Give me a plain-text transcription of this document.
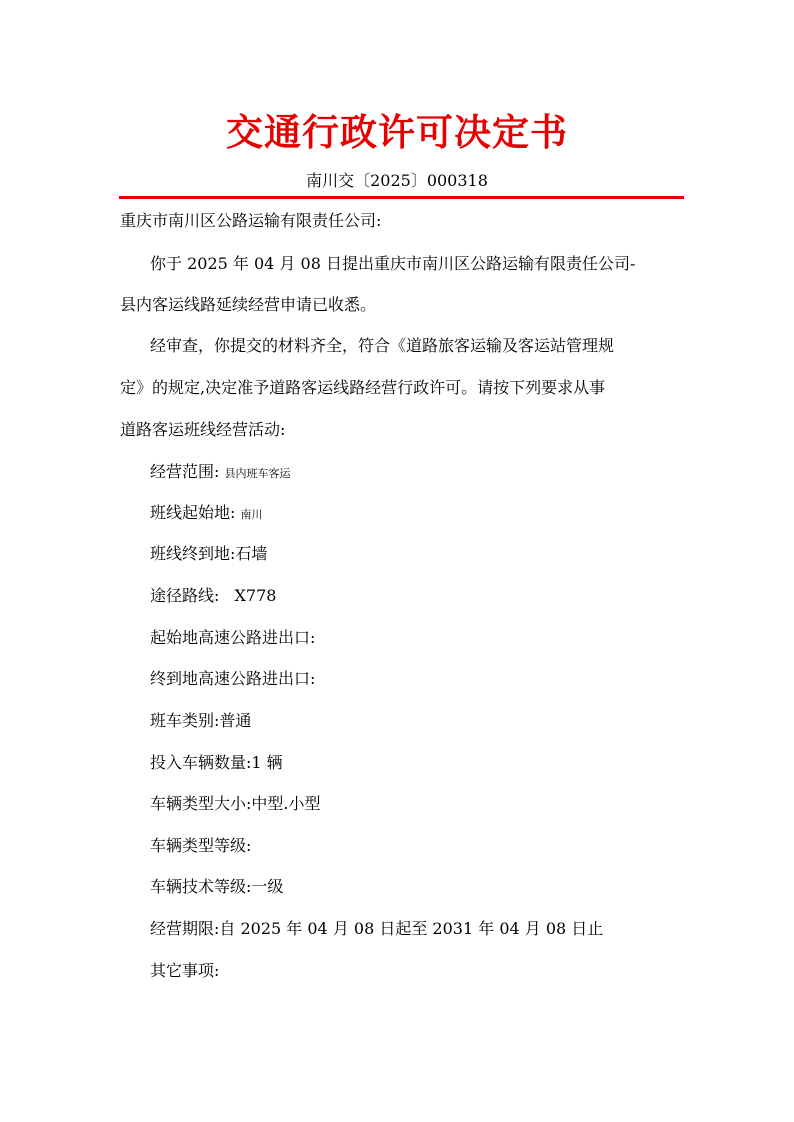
交通行政许可决定书
南川交〔2025〕000318
重庆市南川区公路运输有限责任公司:
你于 2025 年 04 月 08 日提出重庆市南川区公路运输有限责任公司-
县内客运线路延续经营申请已收悉。
经审查，你提交的材料齐全，符合《道路旅客运输及客运站管理规
定》的规定,决定准予道路客运线路经营行政许可。请按下列要求从事
道路客运班线经营活动:
经营范围: 县内班车客运
班线起始地: 南川
班线终到地:石墙
途径路线: X778
起始地高速公路进出口:
终到地高速公路进出口:
班车类别:普通
投入车辆数量:1 辆
车辆类型大小:中型.小型
车辆类型等级:
车辆技术等级:一级
经营期限:自 2025 年 04 月 08 日起至 2031 年 04 月 08 日止
其它事项:
